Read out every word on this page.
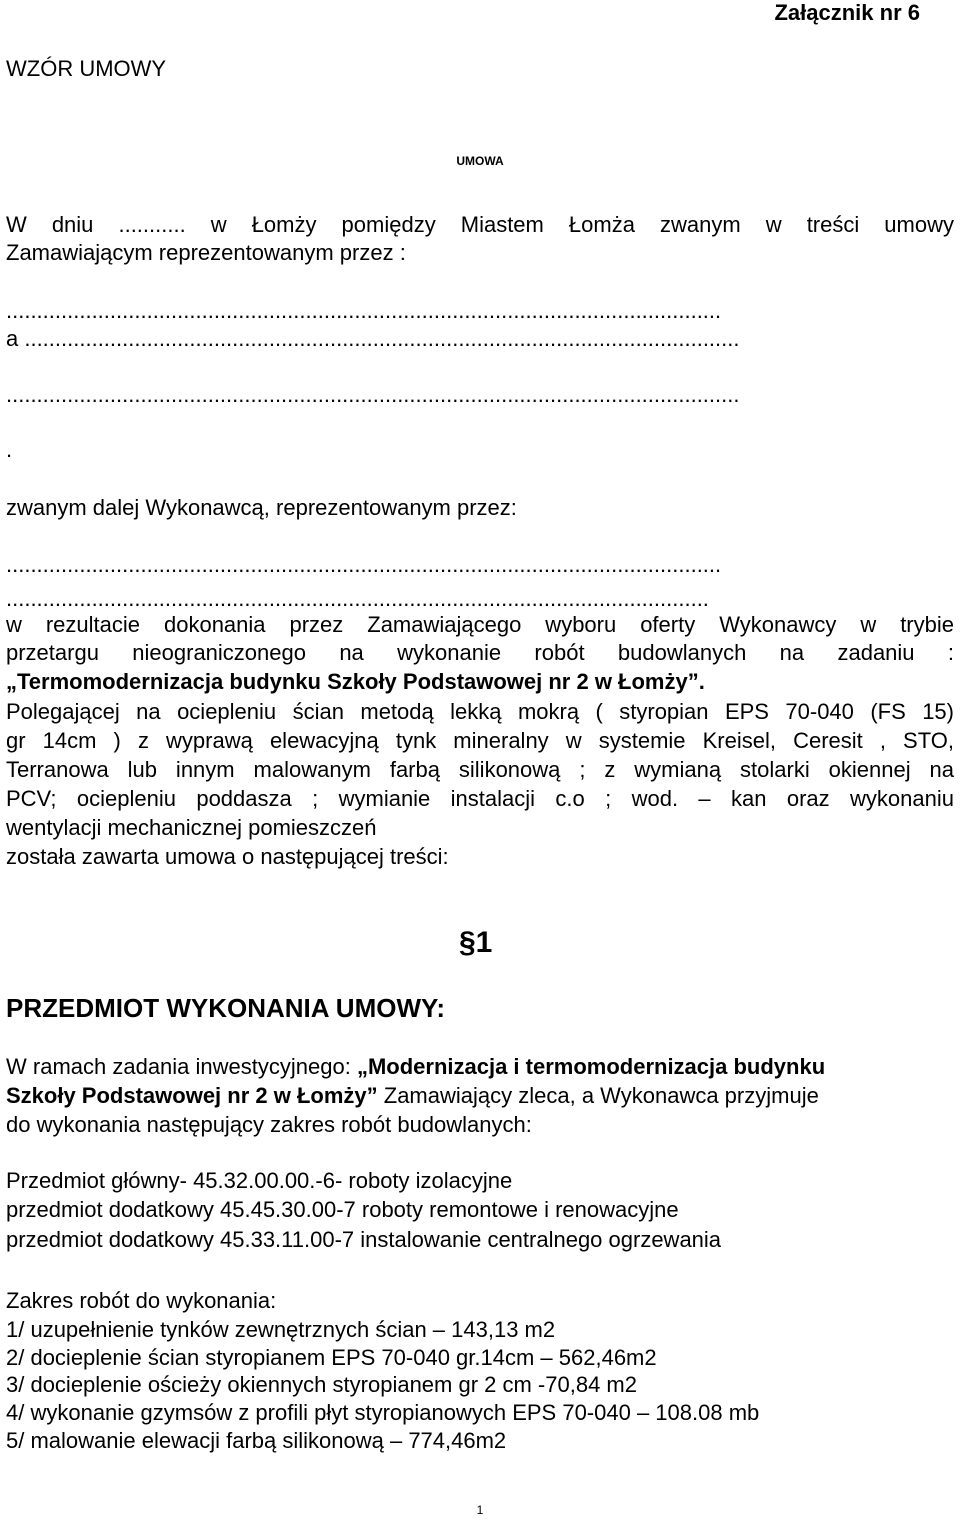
Załącznik nr 6
WZÓR UMOWY
UMOWA
W dniu ........... w Łomży pomiędzy Miastem Łomża zwanym w treści umowy
Zamawiającym reprezentowanym przez :
.....................................................................................................................
a .....................................................................................................................
........................................................................................................................
.
zwanym dalej Wykonawcą, reprezentowanym przez:
.....................................................................................................................
...................................................................................................................
w rezultacie dokonania przez Zamawiającego wyboru oferty Wykonawcy w trybie
przetargu nieograniczonego na wykonanie robót budowlanych na zadaniu :
„Termomodernizacja budynku Szkoły Podstawowej nr 2 w Łomży”.
Polegającej na ociepleniu ścian metodą lekką mokrą ( styropian EPS 70-040 (FS 15)
gr 14cm ) z wyprawą elewacyjną tynk mineralny w systemie Kreisel, Ceresit , STO,
Terranowa lub innym malowanym farbą silikonową ; z wymianą stolarki okiennej na
PCV; ociepleniu poddasza ; wymianie instalacji c.o ; wod. – kan oraz wykonaniu
wentylacji mechanicznej pomieszczeń
została zawarta umowa o następującej treści:
§1
PRZEDMIOT WYKONANIA UMOWY:
W ramach zadania inwestycyjnego: „Modernizacja i termomodernizacja budynku
Szkoły Podstawowej nr 2 w Łomży” Zamawiający zleca, a Wykonawca przyjmuje
do wykonania następujący zakres robót budowlanych:
Przedmiot główny- 45.32.00.00.-6- roboty izolacyjne
przedmiot dodatkowy 45.45.30.00-7 roboty remontowe i renowacyjne
przedmiot dodatkowy 45.33.11.00-7 instalowanie centralnego ogrzewania
Zakres robót do wykonania:
1/ uzupełnienie tynków zewnętrznych ścian – 143,13 m2
2/ docieplenie ścian styropianem EPS 70-040 gr.14cm – 562,46m2
3/ docieplenie ościeży okiennych styropianem gr 2 cm -70,84 m2
4/ wykonanie gzymsów z profili płyt styropianowych EPS 70-040 – 108.08 mb
5/ malowanie elewacji farbą silikonową – 774,46m2
1
